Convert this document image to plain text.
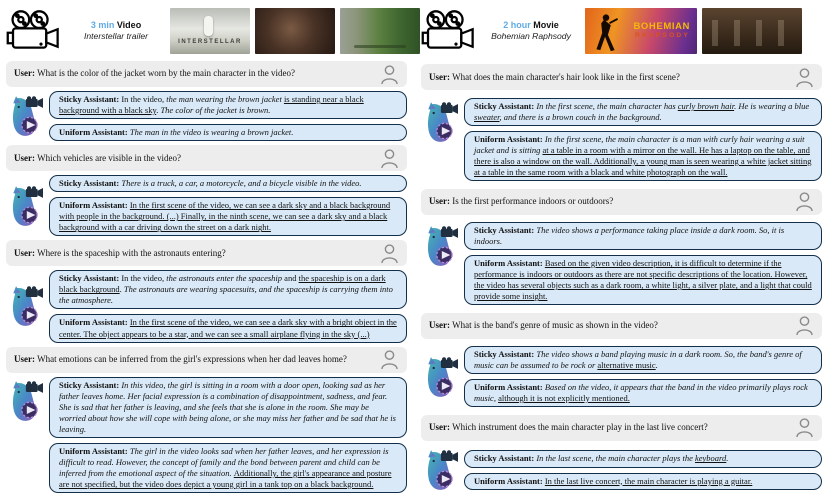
3 min Video
Interstellar trailer
INTERSTELLAR
User: What is the color of the jacket worn by the main character in the video?
Sticky Assistant: In the video, the man wearing the brown jacket is standing near a black background with a black sky. The color of the jacket is brown.
Uniform Assistant: The man in the video is wearing a brown jacket.
User: Which vehicles are visible in the video?
Sticky Assistant: There is a truck, a car, a motorcycle, and a bicycle visible in the video.
Uniform Assistant: In the first scene of the video, we can see a dark sky and a black background with people in the background. (...) Finally, in the ninth scene, we can see a dark sky and a black background with a car driving down the street on a dark night.
User: Where is the spaceship with the astronauts entering?
Sticky Assistant: In the video, the astronauts enter the spaceship and the spaceship is on a dark black background. The astronauts are wearing spacesuits, and the spaceship is carrying them into the atmosphere.
Uniform Assistant: In the first scene of the video, we can see a dark sky with a bright object in the center. The object appears to be a star, and we can see a small airplane flying in the sky (...)
User: What emotions can be inferred from the girl's expressions when her dad leaves home?
Sticky Assistant: In this video, the girl is sitting in a room with a door open, looking sad as her father leaves home. Her facial expression is a combination of disappointment, sadness, and fear. She is sad that her father is leaving, and she feels that she is alone in the room. She may be worried about how she will cope with being alone, or she may miss her father and be sad that he is leaving.
Uniform Assistant: The girl in the video looks sad when her father leaves, and her expression is difficult to read. However, the concept of family and the bond between parent and child can be inferred from the emotional aspect of the situation. Additionally, the girl's appearance and posture are not specified, but the video does depict a young girl in a tank top on a black background.
2 hour Movie
Bohemian Raphsody
BOHEMIAN
RHAPSODY
User: What does the main character's hair look like in the first scene?
Sticky Assistant: In the first scene, the main character has curly brown hair. He is wearing a blue sweater, and there is a brown couch in the background.
Uniform Assistant: In the first scene, the main character is a man with curly hair wearing a suit jacket and is sitting at a table in a room with a mirror on the wall. He has a laptop on the table, and there is also a window on the wall. Additionally, a young man is seen wearing a white jacket sitting at a table in the same room with a black and white photograph on the wall.
User: Is the first performance indoors or outdoors?
Sticky Assistant: The video shows a performance taking place inside a dark room. So, it is indoors.
Uniform Assistant: Based on the given video description, it is difficult to determine if the performance is indoors or outdoors as there are not specific descriptions of the location. However, the video has several objects such as a dark room, a white light, a silver plate, and a light that could provide some insight.
User: What is the band's genre of music as shown in the video?
Sticky Assistant: The video shows a band playing music in a dark room. So, the band's genre of music can be assumed to be rock or alternative music.
Uniform Assistant: Based on the video, it appears that the band in the video primarily plays rock music, although it is not explicitly mentioned.
User: Which instrument does the main character play in the last live concert?
Sticky Assistant: In the last scene, the main character plays the keyboard.
Uniform Assistant: In the last live concert, the main character is playing a guitar.
